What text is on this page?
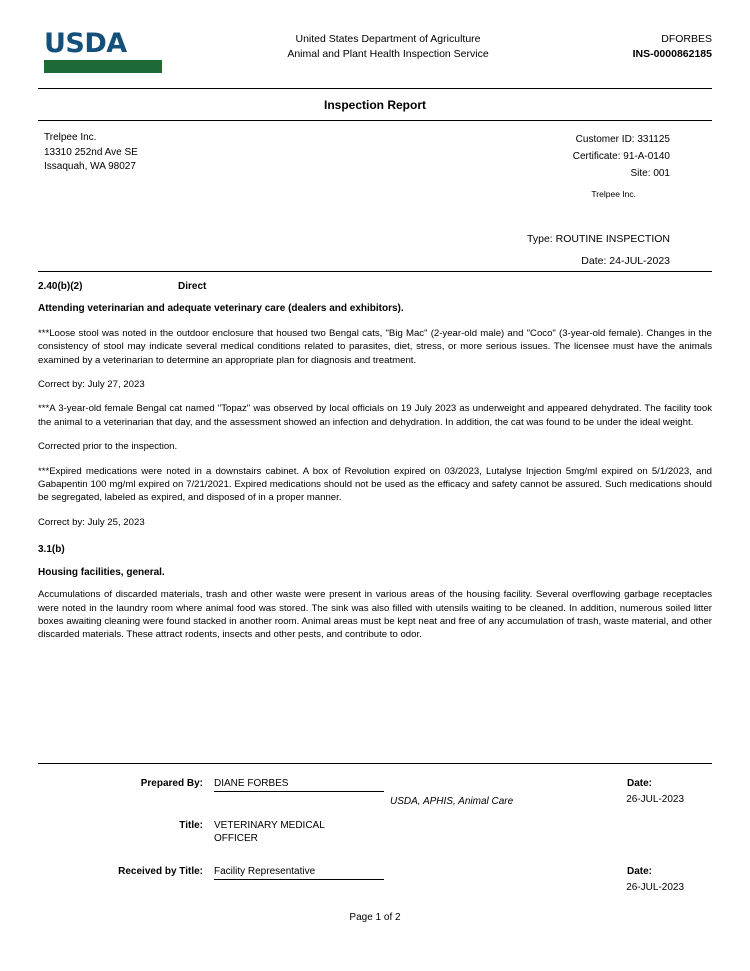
USDA	United States Department of Agriculture
Animal and Plant Health Inspection Service
DFORBES
INS-0000862185
Inspection Report
Trelpee Inc.
13310 252nd Ave SE
Issaquah, WA 98027
Customer ID: 331125
Certificate: 91-A-0140
Site: 001
Trelpee Inc.
Type: ROUTINE INSPECTION
Date: 24-JUL-2023
2.40(b)(2)	Direct
Attending veterinarian and adequate veterinary care (dealers and exhibitors).

***Loose stool was noted in the outdoor enclosure that housed two Bengal cats, "Big Mac" (2-year-old male) and "Coco" (3-year-old female). Changes in the consistency of stool may indicate several medical conditions related to parasites, diet, stress, or more serious issues. The licensee must have the animals examined by a veterinarian to determine an appropriate plan for diagnosis and treatment.

Correct by: July 27, 2023

***A 3-year-old female Bengal cat named "Topaz" was observed by local officials on 19 July 2023 as underweight and appeared dehydrated. The facility took the animal to a veterinarian that day, and the assessment showed an infection and dehydration. In addition, the cat was found to be under the ideal weight.

Corrected prior to the inspection.

***Expired medications were noted in a downstairs cabinet. A box of Revolution expired on 03/2023, Lutalyse Injection 5mg/ml expired on 5/1/2023, and Gabapentin 100 mg/ml expired on 7/21/2021. Expired medications should not be used as the efficacy and safety cannot be assured. Such medications should be segregated, labeled as expired, and disposed of in a proper manner.

Correct by: July 25, 2023

3.1(b)
Housing facilities, general.

Accumulations of discarded materials, trash and other waste were present in various areas of the housing facility. Several overflowing garbage receptacles were noted in the laundry room where animal food was stored. The sink was also filled with utensils waiting to be cleaned. In addition, numerous soiled litter boxes awaiting cleaning were found stacked in another room. Animal areas must be kept neat and free of any accumulation of trash, waste material, and other discarded materials. These attract rodents, insects and other pests, and contribute to odor.

Prepared By: DIANE FORBES
USDA, APHIS, Animal Care
Date:
26-JUL-2023
Title: VETERINARY MEDICAL
OFFICER
Received by Title: Facility Representative	Date:
26-JUL-2023
Page 1 of 2
